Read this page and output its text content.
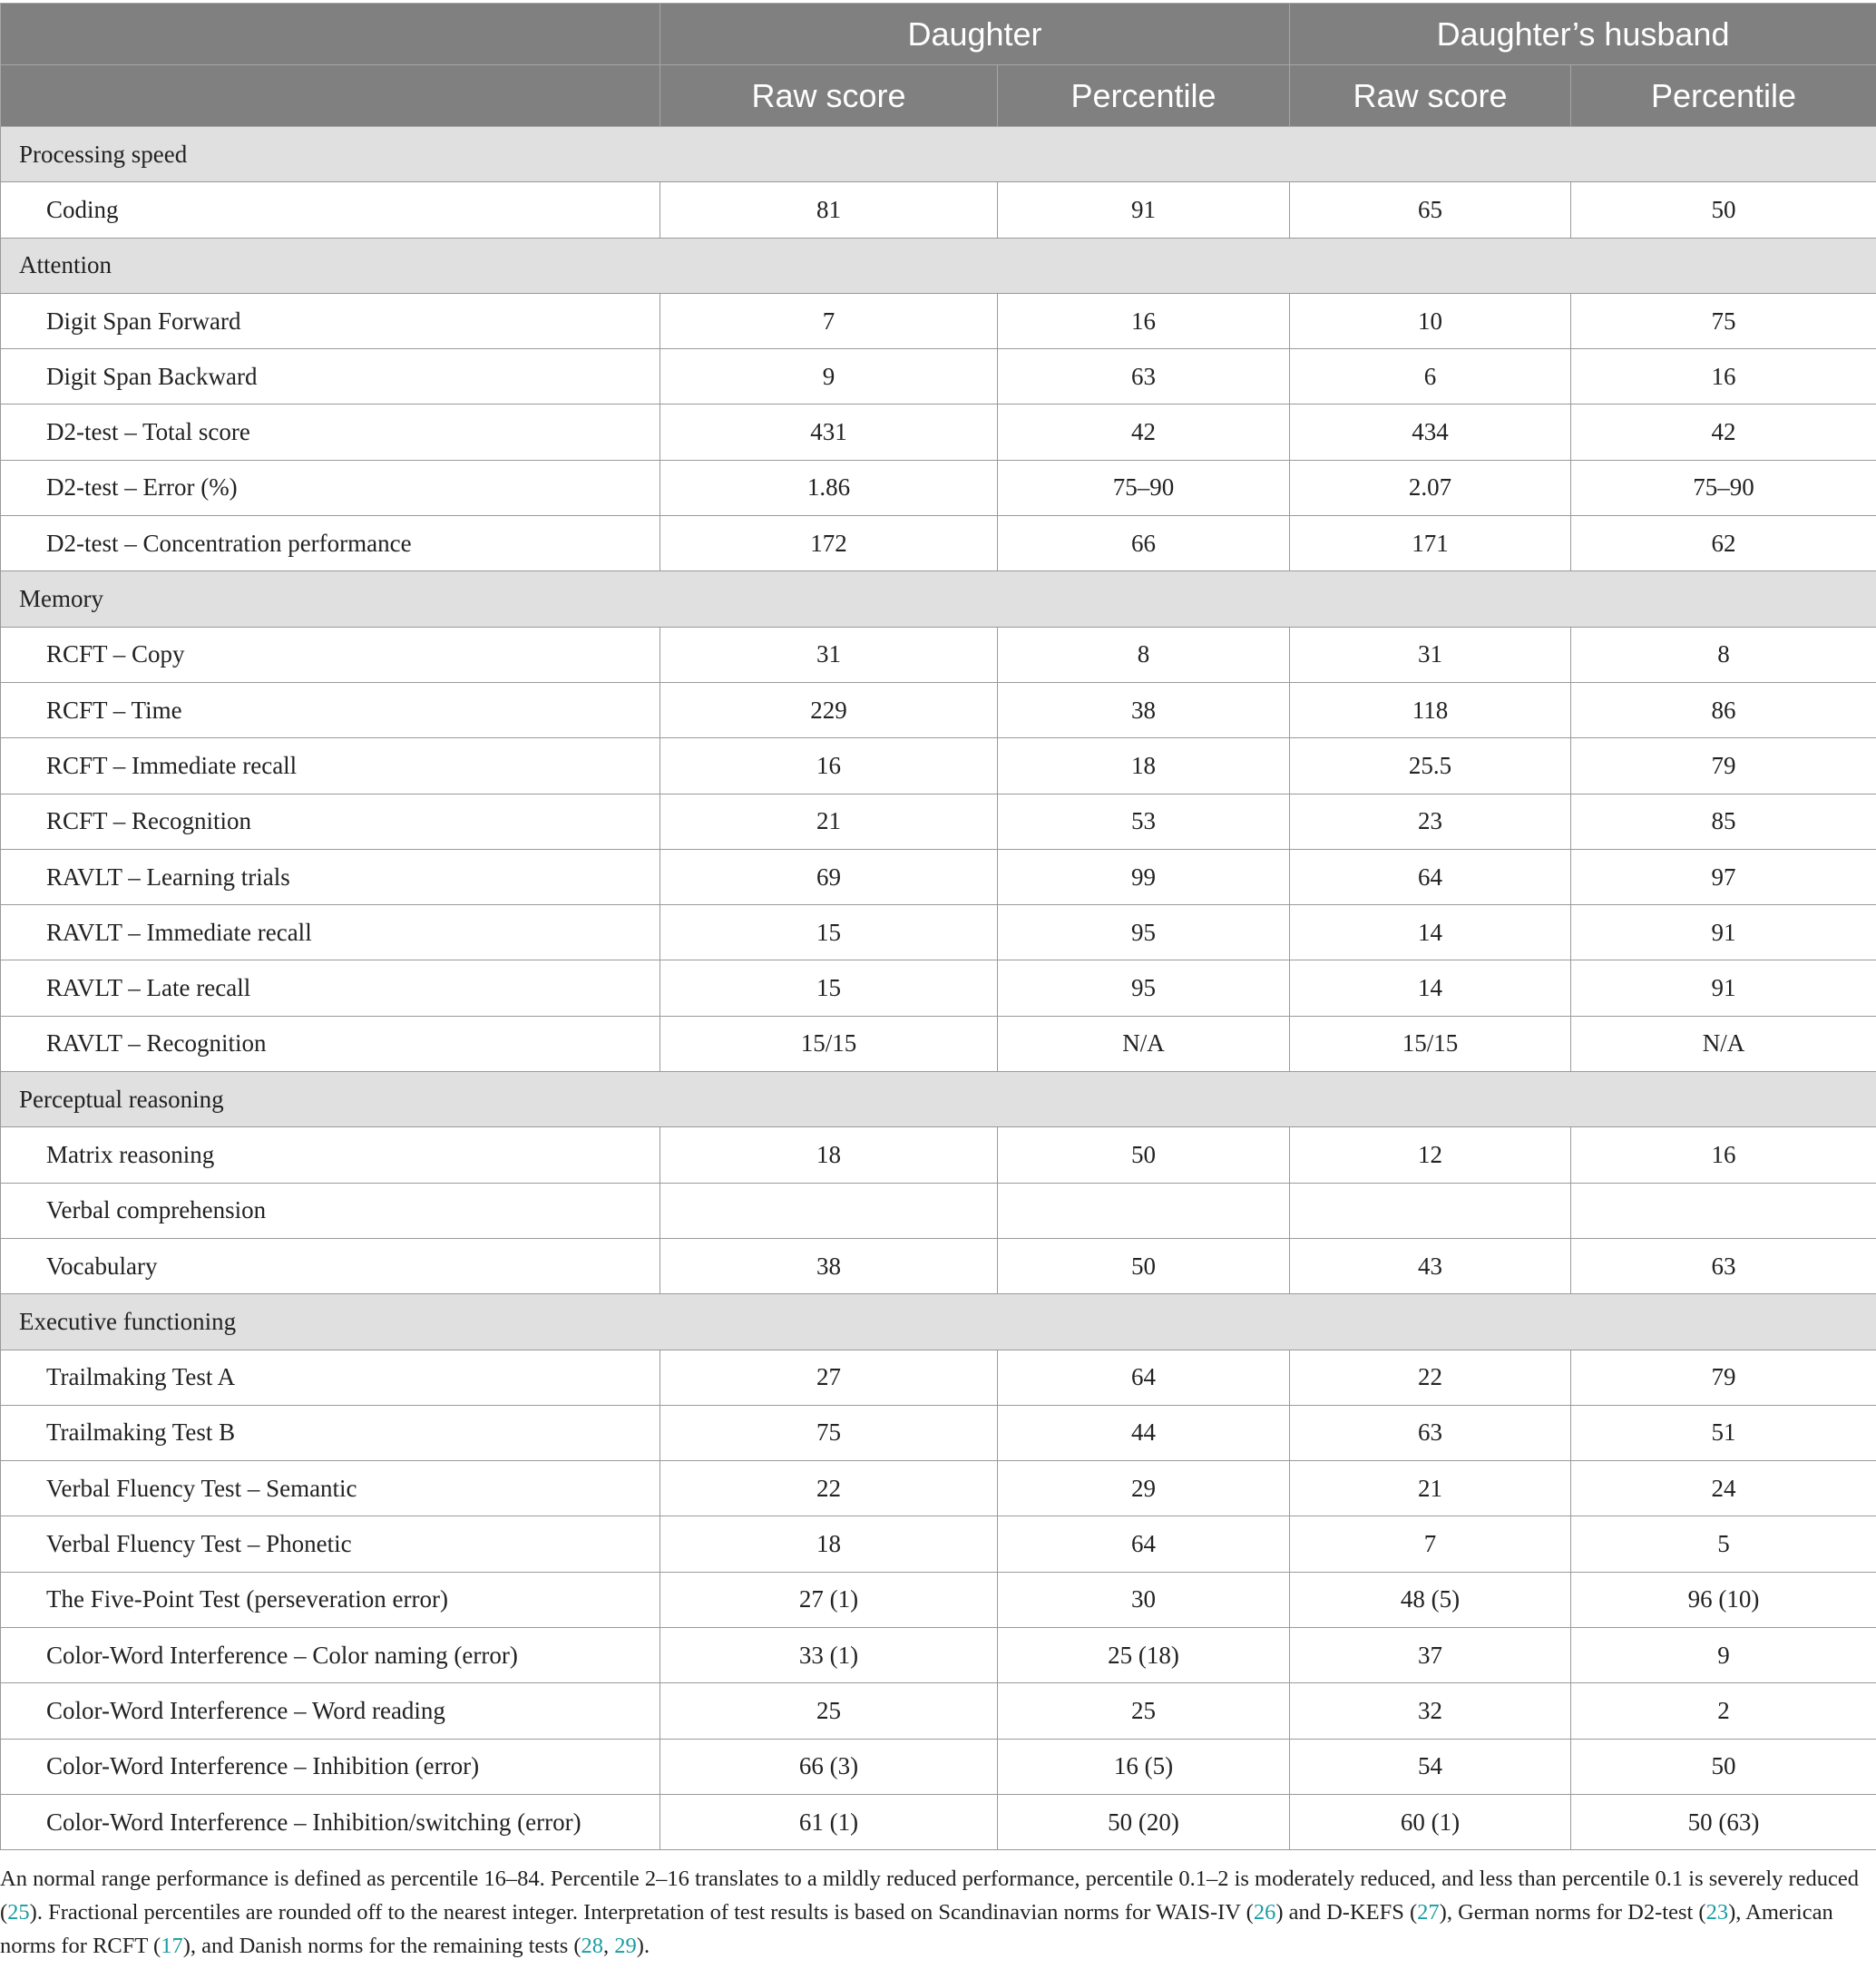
	Daughter		Daughter’s husband	
	Raw score	Percentile	Raw score	Percentile
Processing speed				
Coding	81	91	65	50
Attention				
Digit Span Forward	7	16	10	75
Digit Span Backward	9	63	6	16
D2-test – Total score	431	42	434	42
D2-test – Error (%)	1.86	75–90	2.07	75–90
D2-test – Concentration performance	172	66	171	62
Memory				
RCFT – Copy	31	8	31	8
RCFT – Time	229	38	118	86
RCFT – Immediate recall	16	18	25.5	79
RCFT – Recognition	21	53	23	85
RAVLT – Learning trials	69	99	64	97
RAVLT – Immediate recall	15	95	14	91
RAVLT – Late recall	15	95	14	91
RAVLT – Recognition	15/15	N/A	15/15	N/A
Perceptual reasoning				
Matrix reasoning	18	50	12	16
Verbal comprehension				
Vocabulary	38	50	43	63
Executive functioning				
Trailmaking Test A	27	64	22	79
Trailmaking Test B	75	44	63	51
Verbal Fluency Test – Semantic	22	29	21	24
Verbal Fluency Test – Phonetic	18	64	7	5
The Five-Point Test (perseveration error)	27 (1)	30	48 (5)	96 (10)
Color-Word Interference – Color naming (error)	33 (1)	25 (18)	37	9
Color-Word Interference – Word reading	25	25	32	2
Color-Word Interference – Inhibition (error)	66 (3)	16 (5)	54	50
Color-Word Interference – Inhibition/switching (error)	61 (1)	50 (20)	60 (1)	50 (63)
An normal range performance is defined as percentile 16–84. Percentile 2–16 translates to a mildly reduced performance, percentile 0.1–2 is moderately reduced, and less than percentile 0.1 is severely reduced (25). Fractional percentiles are rounded off to the nearest integer. Interpretation of test results is based on Scandinavian norms for WAIS-IV (26) and D-KEFS (27), German norms for D2-test (23), American norms for RCFT (17), and Danish norms for the remaining tests (28, 29).
